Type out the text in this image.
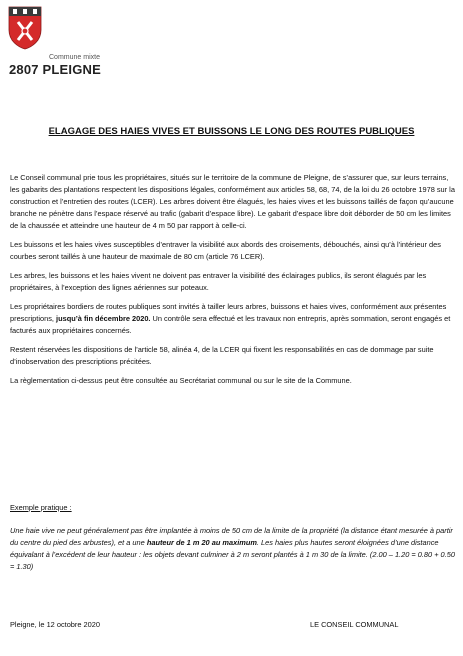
Commune mixte
2807 PLEIGNE
ELAGAGE DES HAIES VIVES ET BUISSONS LE LONG DES ROUTES PUBLIQUES

Le Conseil communal prie tous les propriétaires, situés sur le territoire de la commune de Pleigne, de s’assurer que, sur leurs terrains, les gabarits des plantations respectent les dispositions légales, conformément aux articles 58, 68, 74, de la loi du 26 octobre 1978 sur la construction et l’entretien des routes (LCER). Les arbres doivent être élagués, les haies vives et les buissons taillés de façon qu’aucune branche ne pénètre dans l’espace réservé au trafic (gabarit d’espace libre). Le gabarit d’espace libre doit déborder de 50 cm les limites de la chaussée et atteindre une hauteur de 4 m 50 par rapport à celle-ci.

Les buissons et les haies vives susceptibles d’entraver la visibilité aux abords des croisements, débouchés, ainsi qu’à l’intérieur des courbes seront taillés à une hauteur de maximale de 80 cm (article 76 LCER).

Les arbres, les buissons et les haies vivent ne doivent pas entraver la visibilité des éclairages publics, ils seront élagués par les propriétaires, à l’exception des lignes aériennes sur poteaux.

Les propriétaires bordiers de routes publiques sont invités à tailler leurs arbres, buissons et haies vives, conformément aux présentes prescriptions, jusqu’à fin décembre 2020. Un contrôle sera effectué et les travaux non entrepris, après sommation, seront engagés et facturés aux propriétaires concernés.

Restent réservées les dispositions de l’article 58, alinéa 4, de la LCER qui fixent les responsabilités en cas de dommage par suite d’inobservation des prescriptions précitées.

La règlementation ci-dessus peut être consultée au Secrétariat communal ou sur le site de la Commune.

Exemple pratique :
Une haie vive ne peut généralement pas être implantée à moins de 50 cm de la limite de la propriété (la distance étant mesurée à partir du centre du pied des arbustes), et a une hauteur de 1 m 20 au maximum. Les haies plus hautes seront éloignées d’une distance équivalant à l’excédent de leur hauteur : les objets devant culminer à 2 m seront plantés à 1 m 30 de la limite. (2.00 – 1.20 = 0.80 + 0.50 = 1.30)
Pleigne, le 12 octobre 2020	LE CONSEIL COMMUNAL
